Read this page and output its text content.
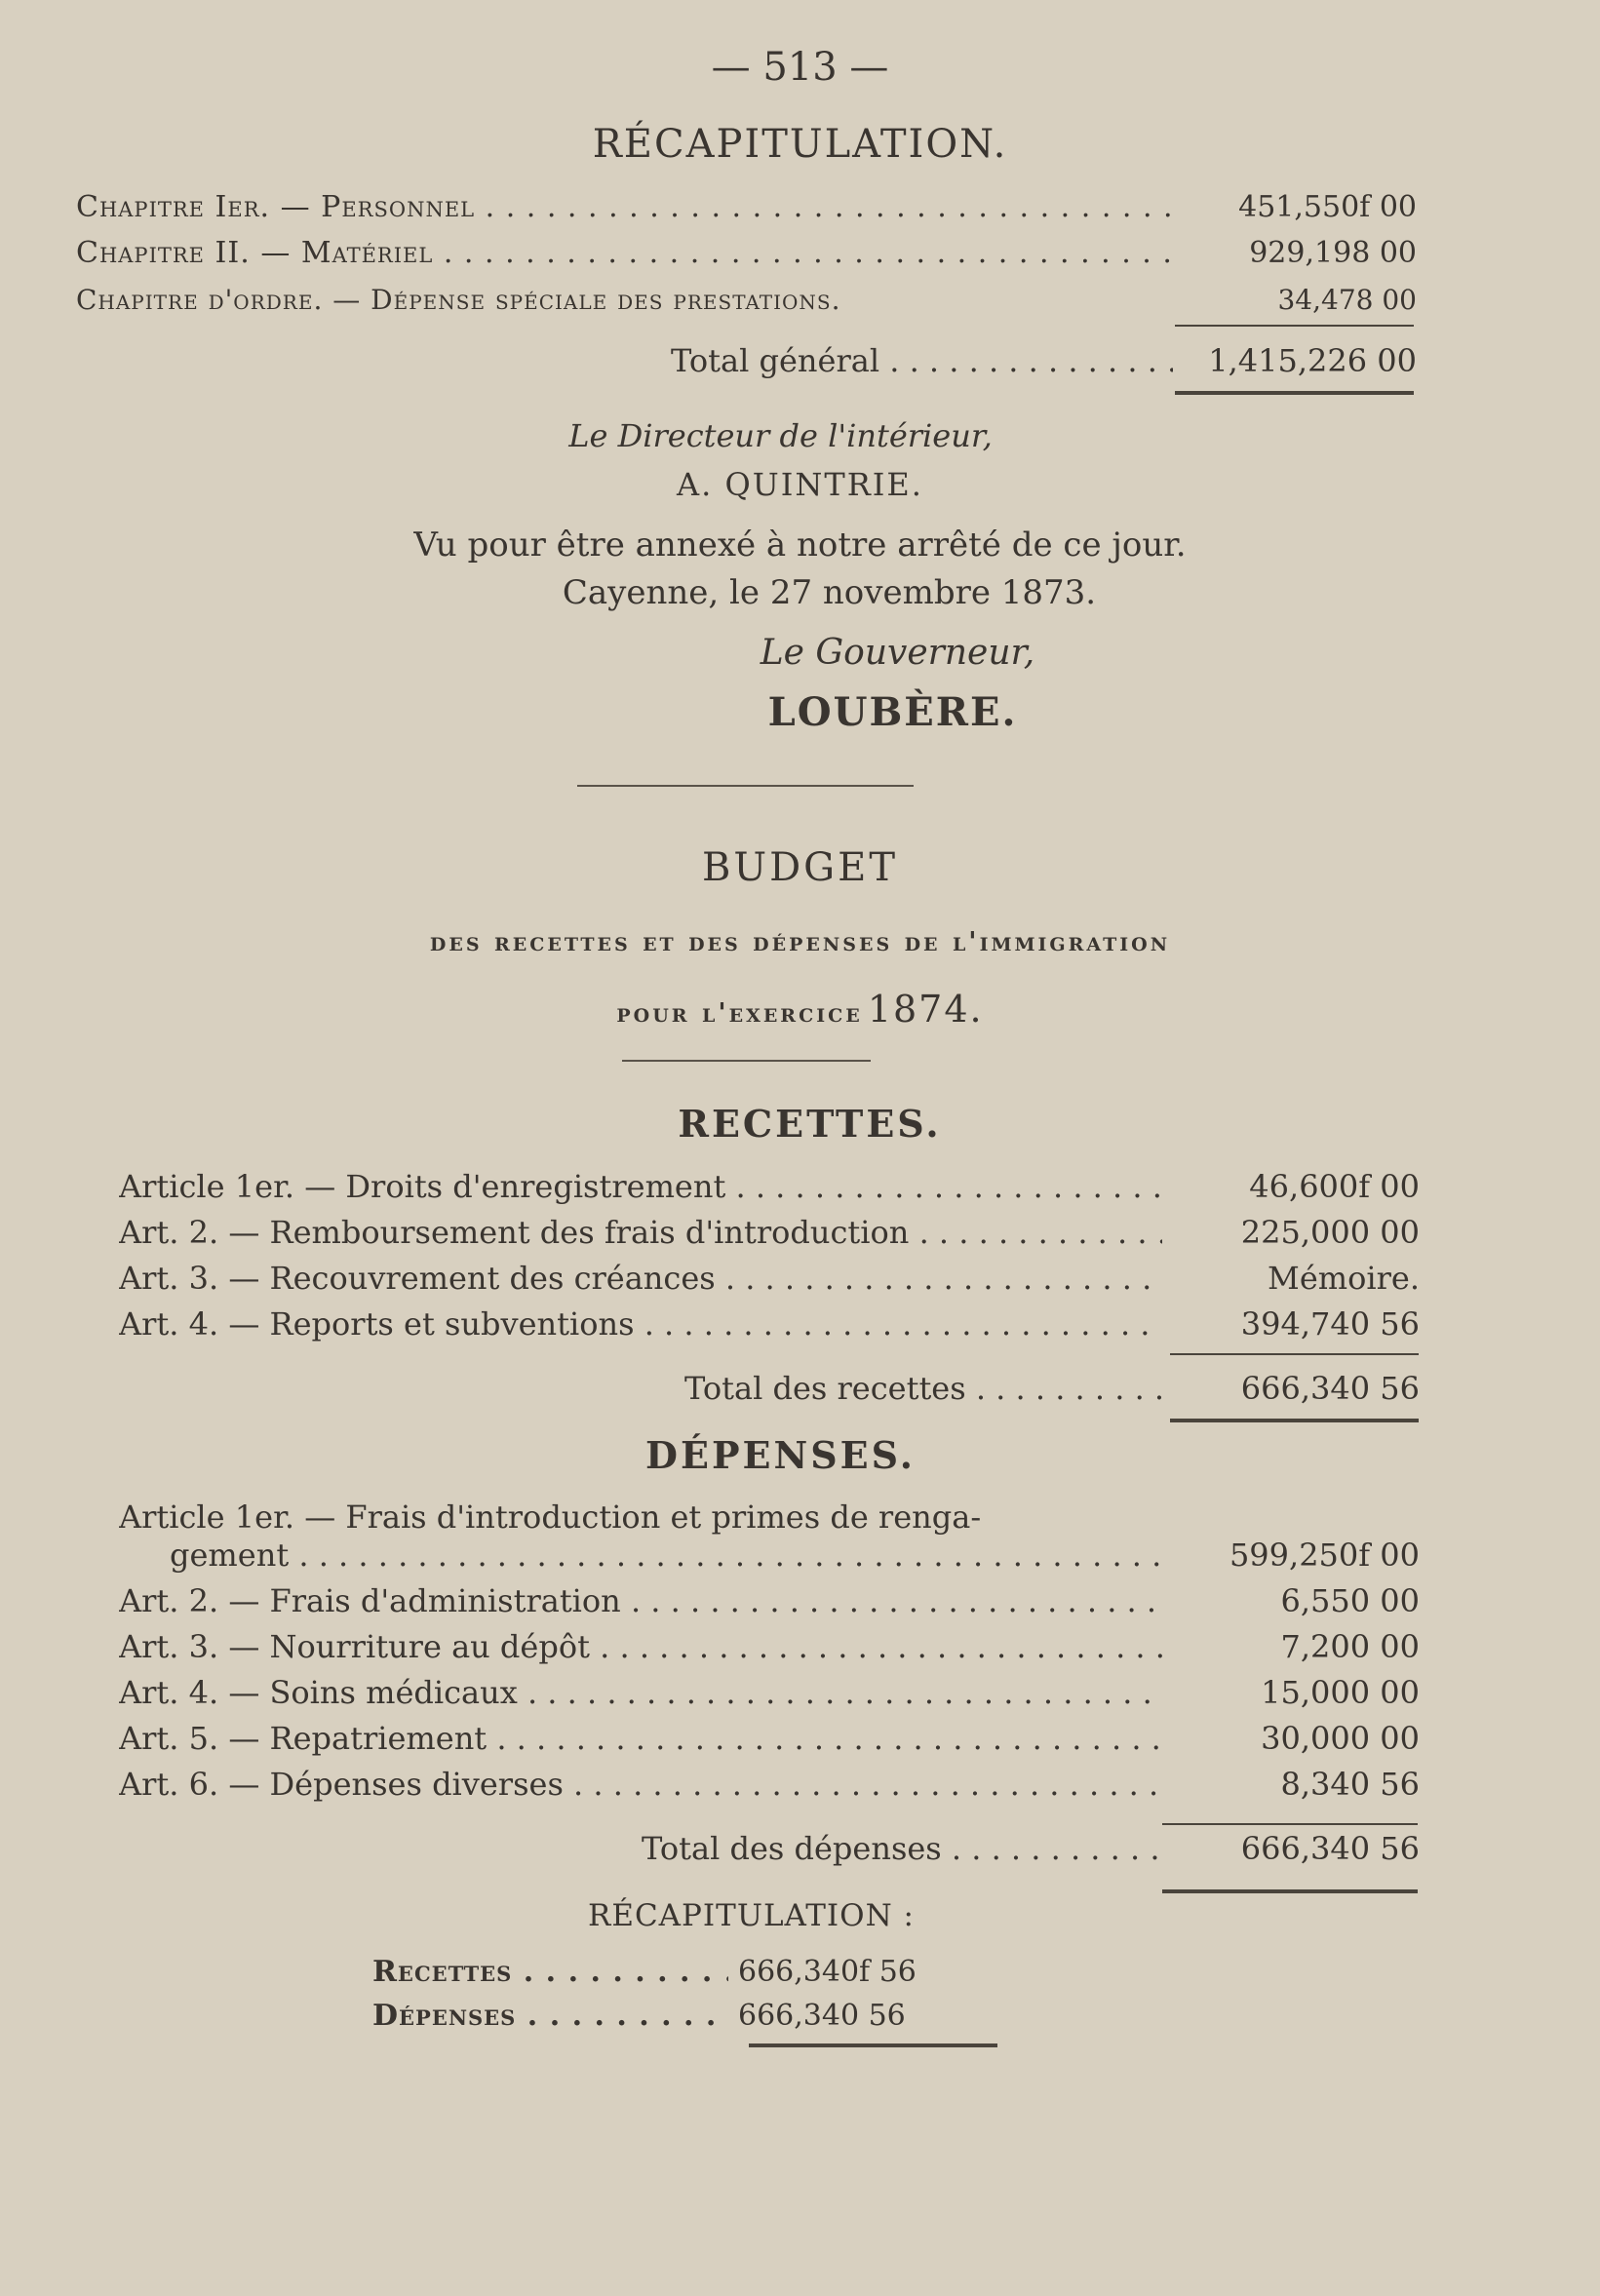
— 513 —
RÉCAPITULATION.
Chapitre Ier. — Personnel . . .	451,550f 00
Chapitre II. — Matériel . . .	929,198 00
Chapitre d'ordre. — Dépense spéciale des prestations.	34,478 00
Total général . . .	1,415,226 00
Le Directeur de l'intérieur,
A. QUINTRIE.
Vu pour être annexé à notre arrêté de ce jour.
Cayenne, le 27 novembre 1873.
Le Gouverneur,
LOUBÈRE.
BUDGET
des recettes et des dépenses de l'immigration
pour l'exercice 1874.
RECETTES.
Article 1er. — Droits d'enregistrement . . .	46,600f 00
Art. 2. — Remboursement des frais d'introduction . . .	225,000 00
Art. 3. — Recouvrement des créances . . .	Mémoire.
Art. 4. — Reports et subventions . . .	394,740 56
Total des recettes . . .	666,340 56
DÉPENSES.
Article 1er. — Frais d'introduction et primes de renga-
gement . . .	599,250f 00
Art. 2. — Frais d'administration . . .	6,550 00
Art. 3. — Nourriture au dépôt . . .	7,200 00
Art. 4. — Soins médicaux . . .	15,000 00
Art. 5. — Repatriement . . .	30,000 00
Art. 6. — Dépenses diverses . . .	8,340 56
Total des dépenses . . .	666,340 56
RÉCAPITULATION :
Recettes . . .	666,340f 56
Dépenses . . .	666,340 56
